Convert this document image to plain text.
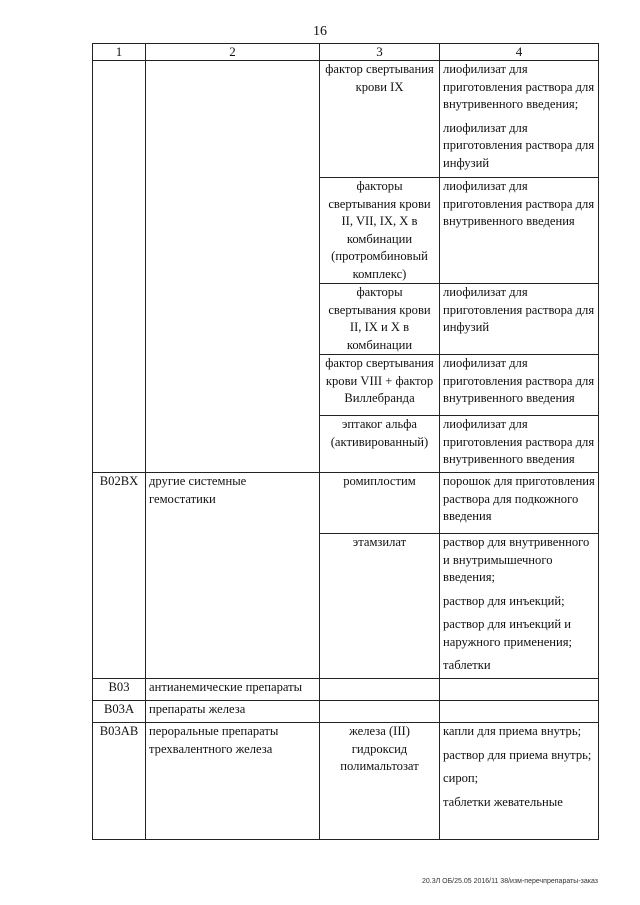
16
1	2	3	4
		фактор свертывания крови IX	лиофилизат для приготовления раствора для внутривенного введения;

лиофилизат для приготовления раствора для инфузий

		факторы свертывания крови II, VII, IX, X в комбинации (протромбиновый комплекс)	лиофилизат для приготовления раствора для внутривенного введения

		факторы свертывания крови II, IX и X в комбинации	лиофилизат для приготовления раствора для инфузий

		фактор свертывания крови VIII + фактор Виллебранда	лиофилизат для приготовления раствора для внутривенного введения

		эптаког альфа (активированный)	лиофилизат для приготовления раствора для внутривенного введения

B02BX	другие системные гемостатики	ромиплостим	порошок для приготовления раствора для подкожного введения

		этамзилат	раствор для внутривенного и внутримышечного введения;

раствор для инъекций;

раствор для инъекций и наружного применения;

таблетки

B03	антианемические препараты		
B03A	препараты железа		
B03AB	пероральные препараты трехвалентного железа	железа (III) гидроксид полимальтозат	капли для приема внутрь;

раствор для приема внутрь;

сироп;

таблетки жевательные

20.3Л ОБ/25.05 2016/11 38/изм-перечпрепараты-заказ
